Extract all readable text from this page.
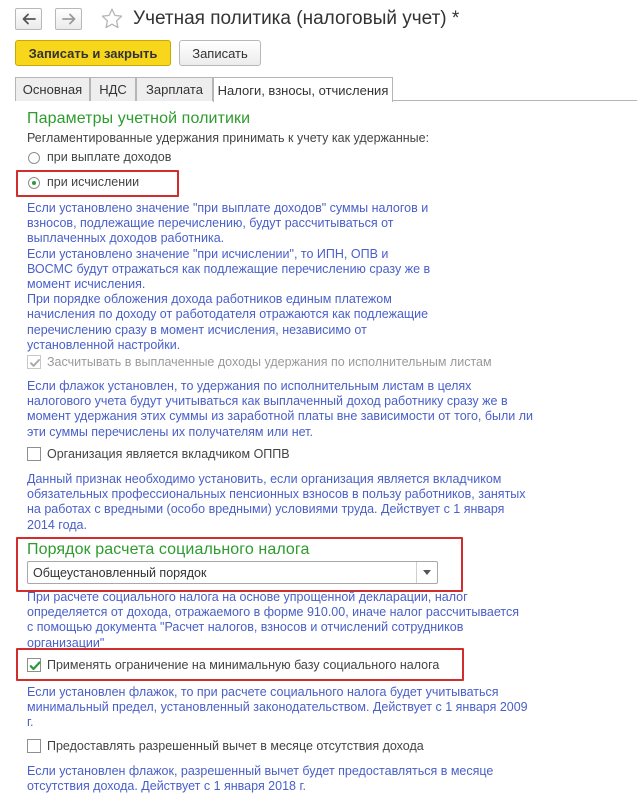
Учетная политика (налоговый учет) *
Записать и закрыть	Записать
Основная	НДС	Зарплата	Налоги, взносы, отчисления
Параметры учетной политики
Регламентированные удержания принимать к учету как удержанные:
при выплате доходов
при исчислении
Если установлено значение "при выплате доходов" суммы налогов и
взносов, подлежащие перечислению, будут рассчитываться от
выплаченных доходов работника.
Если установлено значение "при исчислении", то ИПН, ОПВ и
ВОСМС будут отражаться как подлежащие перечислению сразу же в
момент исчисления.
При порядке обложения дохода работников единым платежом
начисления по доходу от работодателя отражаются как подлежащие
перечислению сразу в момент исчисления, независимо от
установленной настройки.
Засчитывать в выплаченные доходы удержания по исполнительным листам
Если флажок установлен, то удержания по исполнительным листам в целях
налогового учета будут учитываться как выплаченный доход работнику сразу же в
момент удержания этих суммы из заработной платы вне зависимости от того, были ли
эти суммы перечислены их получателям или нет.
Организация является вкладчиком ОППВ
Данный признак необходимо установить, если организация является вкладчиком
обязательных профессиональных пенсионных взносов в пользу работников, занятых
на работах с вредными (особо вредными) условиями труда. Действует с 1 января
2014 года.
Порядок расчета социального налога
Общеустановленный порядок
При расчете социального налога на основе упрощенной декларации, налог
определяется от дохода, отражаемого в форме 910.00, иначе налог рассчитывается
с помощью документа "Расчет налогов, взносов и отчислений сотрудников
организации"
Применять ограничение на минимальную базу социального налога
Если установлен флажок, то при расчете социального налога будет учитываться
минимальный предел, установленный законодательством. Действует с 1 января 2009
г.
Предоставлять разрешенный вычет в месяце отсутствия дохода
Если установлен флажок, разрешенный вычет будет предоставляться в месяце
отсутствия дохода. Действует с 1 января 2018 г.
